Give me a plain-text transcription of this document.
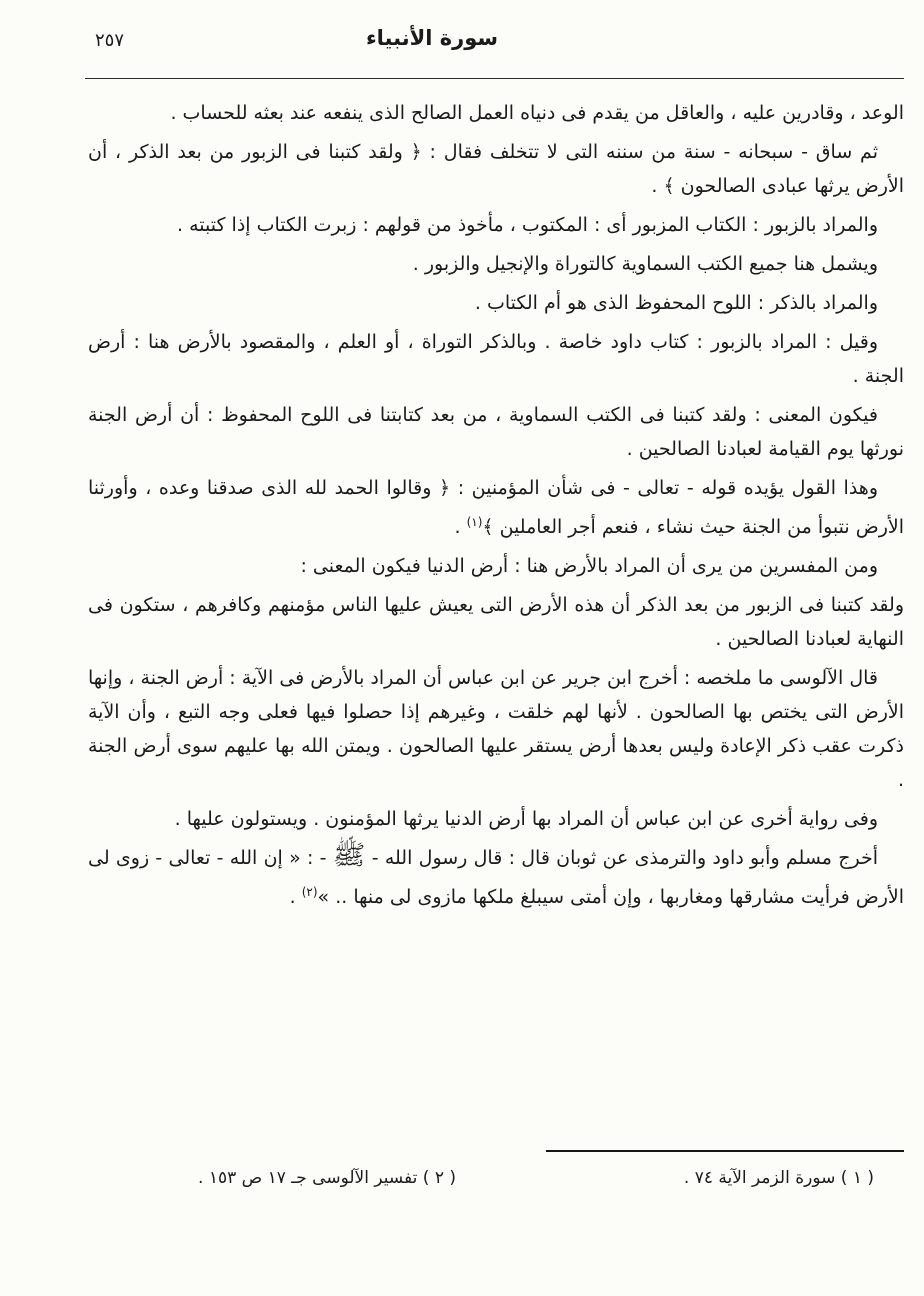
٢٥٧	سورة الأنبياء

الوعد ، وقادرين عليه ، والعاقل من يقدم فى دنياه العمل الصالح الذى ينفعه عند بعثه للحساب .

ثم ساق - سبحانه - سنة من سننه التى لا تتخلف فقال : ﴿ ولقد كتبنا فى الزبور من بعد الذكر ، أن الأرض يرثها عبادى الصالحون ﴾ .

والمراد بالزبور : الكتاب المزبور أى : المكتوب ، مأخوذ من قولهم : زبرت الكتاب إذا كتبته .

ويشمل هنا جميع الكتب السماوية كالتوراة والإنجيل والزبور .

والمراد بالذكر : اللوح المحفوظ الذى هو أم الكتاب .

وقيل : المراد بالزبور : كتاب داود خاصة . وبالذكر التوراة ، أو العلم ، والمقصود بالأرض هنا : أرض الجنة .

فيكون المعنى : ولقد كتبنا فى الكتب السماوية ، من بعد كتابتنا فى اللوح المحفوظ : أن أرض الجنة نورثها يوم القيامة لعبادنا الصالحين .

وهذا القول يؤيده قوله - تعالى - فى شأن المؤمنين : ﴿ وقالوا الحمد لله الذى صدقنا وعده ، وأورثنا الأرض نتبوأ من الجنة حيث نشاء ، فنعم أجر العاملين ﴾$^{(١)}$ .

ومن المفسرين من يرى أن المراد بالأرض هنا : أرض الدنيا فيكون المعنى :

ولقد كتبنا فى الزبور من بعد الذكر أن هذه الأرض التى يعيش عليها الناس مؤمنهم وكافرهم ، ستكون فى النهاية لعبادنا الصالحين .

قال الآلوسى ما ملخصه : أخرج ابن جرير عن ابن عباس أن المراد بالأرض فى الآية : أرض الجنة ، وإنها الأرض التى يختص بها الصالحون . لأنها لهم خلقت ، وغيرهم إذا حصلوا فيها فعلى وجه التبع ، وأن الآية ذكرت عقب ذكر الإعادة وليس بعدها أرض يستقر عليها الصالحون . ويمتن الله بها عليهم سوى أرض الجنة .

وفى رواية أخرى عن ابن عباس أن المراد بها أرض الدنيا يرثها المؤمنون . ويستولون عليها .

أخرج مسلم وأبو داود والترمذى عن ثوبان قال : قال رسول الله - ﷺ - : « إن الله - تعالى - زوى لى الأرض فرأيت مشارقها ومغاربها ، وإن أمتى سيبلغ ملكها مازوى لى منها .. »$^{(٢)}$ .

( ١ ) سورة الزمر الآية ٧٤ .
( ٢ ) تفسير الآلوسى جـ ١٧ ص ١٥٣ .
